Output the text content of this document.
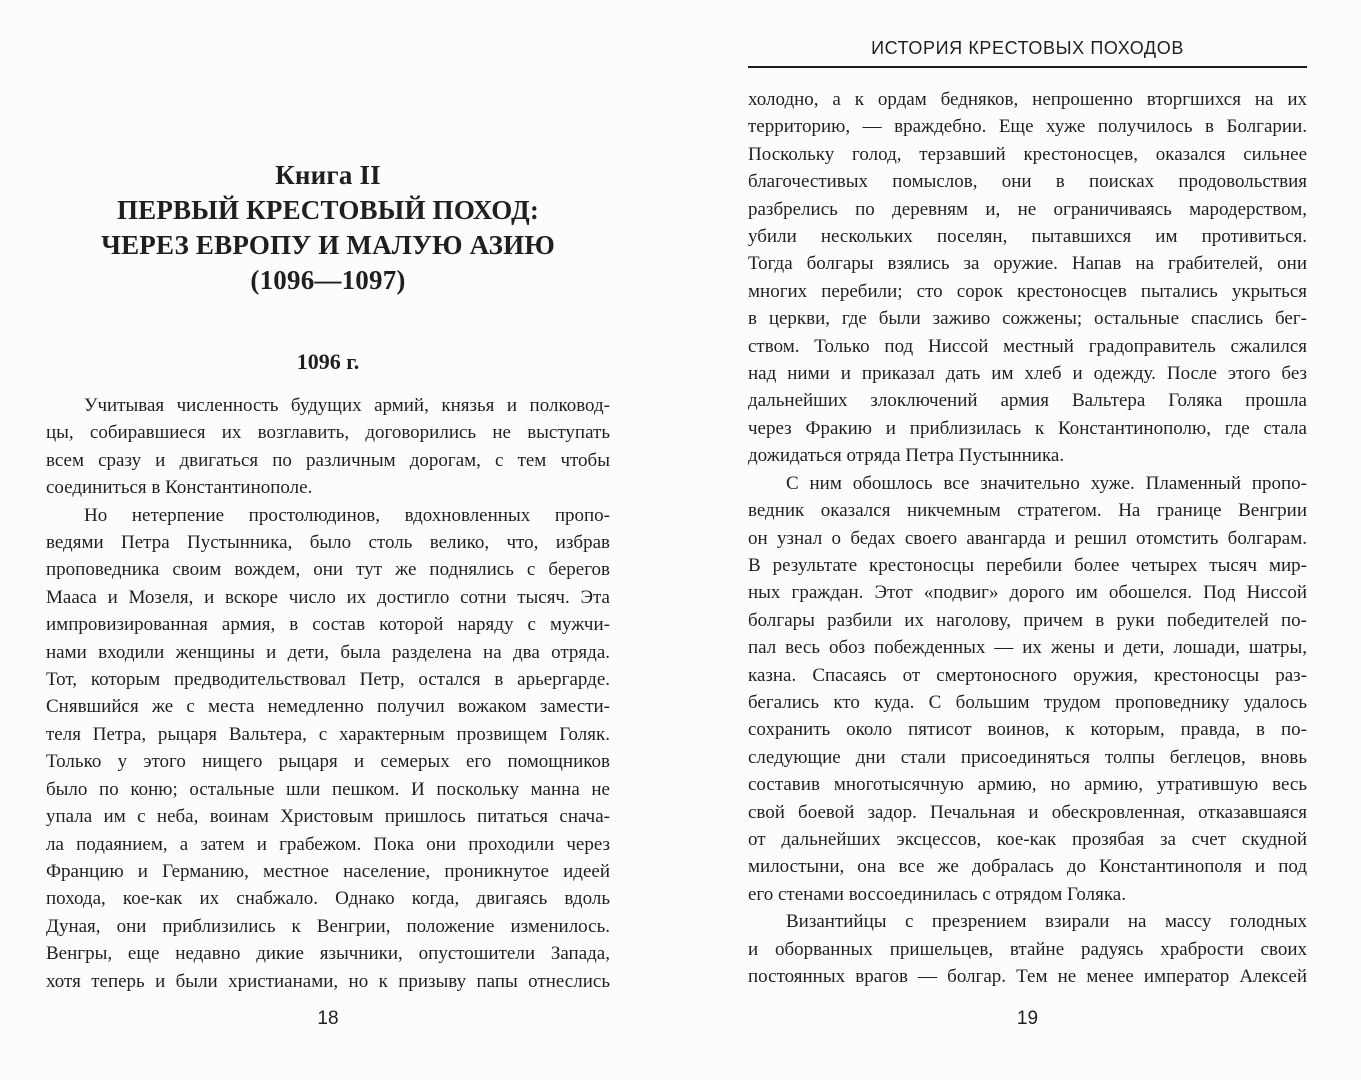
Книга II
ПЕРВЫЙ КРЕСТОВЫЙ ПОХОД:
ЧЕРЕЗ ЕВРОПУ И МАЛУЮ АЗИЮ
(1096—1097)
1096 г.
Учитывая численность будущих армий, князья и полковод-
цы, собиравшиеся их возглавить, договорились не выступать
всем сразу и двигаться по различным дорогам, с тем чтобы
соединиться в Константинополе.
Но нетерпение простолюдинов, вдохновленных пропо-
ведями Петра Пустынника, было столь велико, что, избрав
проповедника своим вождем, они тут же поднялись с берегов
Мааса и Мозеля, и вскоре число их достигло сотни тысяч. Эта
импровизированная армия, в состав которой наряду с мужчи-
нами входили женщины и дети, была разделена на два отряда.
Тот, которым предводительствовал Петр, остался в арьергарде.
Снявшийся же с места немедленно получил вожаком замести-
теля Петра, рыцаря Вальтера, с характерным прозвищем Голяк.
Только у этого нищего рыцаря и семерых его помощников
было по коню; остальные шли пешком. И поскольку манна не
упала им с неба, воинам Христовым пришлось питаться снача-
ла подаянием, а затем и грабежом. Пока они проходили через
Францию и Германию, местное население, проникнутое идеей
похода, кое-как их снабжало. Однако когда, двигаясь вдоль
Дуная, они приблизились к Венгрии, положение изменилось.
Венгры, еще недавно дикие язычники, опустошители Запада,
хотя теперь и были христианами, но к призыву папы отнеслись
18
ИСТОРИЯ КРЕСТОВЫХ ПОХОДОВ
холодно, а к ордам бедняков, непрошенно вторгшихся на их
территорию, — враждебно. Еще хуже получилось в Болгарии.
Поскольку голод, терзавший крестоносцев, оказался сильнее
благочестивых помыслов, они в поисках продовольствия
разбрелись по деревням и, не ограничиваясь мародерством,
убили нескольких поселян, пытавшихся им противиться.
Тогда болгары взялись за оружие. Напав на грабителей, они
многих перебили; сто сорок крестоносцев пытались укрыться
в церкви, где были заживо сожжены; остальные спаслись бег-
ством. Только под Ниссой местный градоправитель сжалился
над ними и приказал дать им хлеб и одежду. После этого без
дальнейших злоключений армия Вальтера Голяка прошла
через Фракию и приблизилась к Константинополю, где стала
дожидаться отряда Петра Пустынника.
С ним обошлось все значительно хуже. Пламенный пропо-
ведник оказался никчемным стратегом. На границе Венгрии
он узнал о бедах своего авангарда и решил отомстить болгарам.
В результате крестоносцы перебили более четырех тысяч мир-
ных граждан. Этот «подвиг» дорого им обошелся. Под Ниссой
болгары разбили их наголову, причем в руки победителей по-
пал весь обоз побежденных — их жены и дети, лошади, шатры,
казна. Спасаясь от смертоносного оружия, крестоносцы раз-
бегались кто куда. С большим трудом проповеднику удалось
сохранить около пятисот воинов, к которым, правда, в по-
следующие дни стали присоединяться толпы беглецов, вновь
составив многотысячную армию, но армию, утратившую весь
свой боевой задор. Печальная и обескровленная, отказавшаяся
от дальнейших эксцессов, кое-как прозябая за счет скудной
милостыни, она все же добралась до Константинополя и под
его стенами воссоединилась с отрядом Голяка.
Византийцы с презрением взирали на массу голодных
и оборванных пришельцев, втайне радуясь храбрости своих
постоянных врагов — болгар. Тем не менее император Алексей
19
